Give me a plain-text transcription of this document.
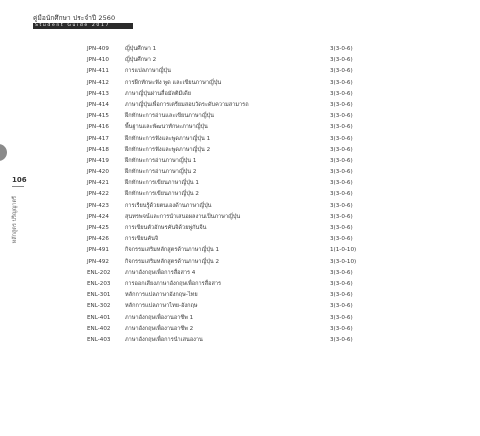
คู่มือนักศึกษา ประจำปี 2560
Student Guide 2017
106
หลักสูตร ปริญญาตรี
JPN-409	ญี่ปุ่นศึกษา 1	3(3-0-6)
JPN-410	ญี่ปุ่นศึกษา 2	3(3-0-6)
JPN-411	การแปลภาษาญี่ปุ่น	3(3-0-6)
JPN-412	การฝึกทักษะฟัง พูด และเขียนภาษาญี่ปุ่น	3(3-0-6)
JPN-413	ภาษาญี่ปุ่นผ่านสื่อมัลติมีเดีย	3(3-0-6)
JPN-414	ภาษาญี่ปุ่นเพื่อการเตรียมสอบวัดระดับความสามารถ	3(3-0-6)
JPN-415	ฝึกทักษะการอ่านและเขียนภาษาญี่ปุ่น	3(3-0-6)
JPN-416	พื้นฐานและพัฒนาทักษะภาษาญี่ปุ่น	3(3-0-6)
JPN-417	ฝึกทักษะการฟังและพูดภาษาญี่ปุ่น 1	3(3-0-6)
JPN-418	ฝึกทักษะการฟังและพูดภาษาญี่ปุ่น 2	3(3-0-6)
JPN-419	ฝึกทักษะการอ่านภาษาญี่ปุ่น 1	3(3-0-6)
JPN-420	ฝึกทักษะการอ่านภาษาญี่ปุ่น 2	3(3-0-6)
JPN-421	ฝึกทักษะการเขียนภาษาญี่ปุ่น 1	3(3-0-6)
JPN-422	ฝึกทักษะการเขียนภาษาญี่ปุ่น 2	3(3-0-6)
JPN-423	การเรียนรู้ด้วยตนเองด้านภาษาญี่ปุ่น	3(3-0-6)
JPN-424	สุนทรพจน์และการนำเสนอผลงานเป็นภาษาญี่ปุ่น	3(3-0-6)
JPN-425	การเขียนตัวอักษรคันจิด้วยพู่กันจีน	3(3-0-6)
JPN-426	การเขียนคันจิ	3(3-0-6)
JPN-491	กิจกรรมเสริมหลักสูตรด้านภาษาญี่ปุ่น 1	1(1-0-10)
JPN-492	กิจกรรมเสริมหลักสูตรด้านภาษาญี่ปุ่น 2	3(3-0-10)
ENL-202	ภาษาอังกฤษเพื่อการสื่อสาร 4	3(3-0-6)
ENL-203	การออกเสียงภาษาอังกฤษเพื่อการสื่อสาร	3(3-0-6)
ENL-301	หลักการแปลภาษาอังกฤษ-ไทย	3(3-0-6)
ENL-302	หลักการแปลภาษาไทย-อังกฤษ	3(3-0-6)
ENL-401	ภาษาอังกฤษเพื่องานอาชีพ 1	3(3-0-6)
ENL-402	ภาษาอังกฤษเพื่องานอาชีพ 2	3(3-0-6)
ENL-403	ภาษาอังกฤษเพื่อการนำเสนองาน	3(3-0-6)
